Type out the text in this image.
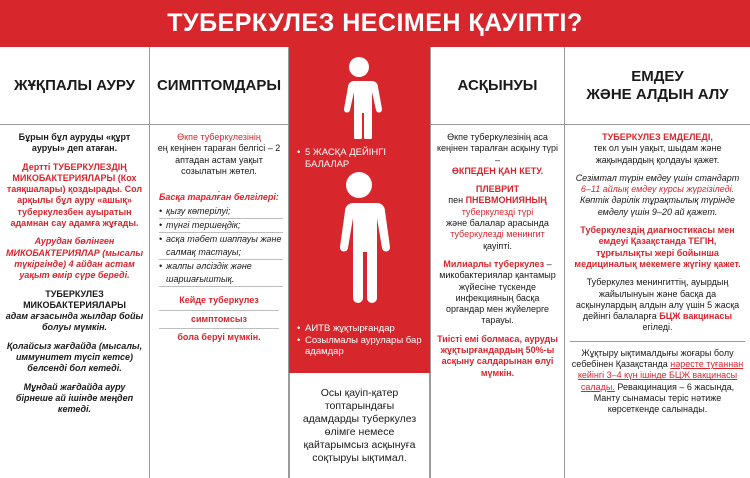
ТУБЕРКУЛЕЗ НЕСІМЕН ҚАУІПТІ?
ЖҰҚПАЛЫ АУРУ
Бұрын бұл ауруды «құрт ауруы» деп атаған.
Дертті ТУБЕРКУЛЕЗДІҢ МИКОБАКТЕРИЯЛАРЫ (Кох таяқшалары) қоздырады. Сол арқылы бұл ауру «ашық» туберкулезбен ауыратын адамнан сау адамға жұғады.
Аурудан бөлінген МИКОБАКТЕРИЯЛАР (мысалы түкіргінде) 4 айдан астам уақыт өмір сүре береді.
ТУБЕРКУЛЕЗ МИКОБАКТЕРИЯЛАРЫ
адам ағзасында жылдар бойы болуы мүмкін.
Қолайсыз жағдайда (мысалы, иммунитет түсіп кетсе) белсенді бол кетеді.
Мұндай жағдайда ауру бірнеше ай ішінде меңдеп кетеді.
СИМПТОМДАРЫ
Өкпе туберкулезінің
ең кеңінен тараған белгісі – 2 аптадан астам уақыт созылатын жөтел.
.
Басқа таралған белгілері:
• қызу көтерілуі;
• түнгі тершеңдік;
• асқа тәбет шаппауы және салмақ тастауы;
• жалпы әлсіздік және шаршағыштық.
Кейде туберкулез
симптомсыз
бола беруі мүмкін.
• 5 ЖАСҚА ДЕЙІНГІ БАЛАЛАР
• АИТВ жұқтырғандар
• Созылмалы aурулары бар адамдар
Осы қауіп-қатер топтарындағы адамдарды туберкулез өлімге немесе қайтарымсыз асқынуға соқтыруы ықтимал.
АСҚЫНУЫ
Өкпе туберкулезінің аса кеңінен таралған асқыну түрі –
ӨКПЕДЕН ҚАН КЕТУ.
ПЛЕВРИТ
пен ПНЕВМОНИЯНЫҢ
туберкулезді түрі
және балалар арасында
туберкулезді менингит
қауіпті.
Милиарлы туберкулез – микобактериялар қантамыр жүйесіне түскенде инфекцияның басқа органдар мен жүйелерге тарауы.
Тиісті емі болмаса, ауруды жұқтырғандардың 50%-ы асқыну салдарынан өлуі мүмкін.
ЕМДЕУ
ЖӘНЕ АЛДЫН АЛУ
ТУБЕРКУЛЕЗ ЕМДЕЛЕДІ,
тек ол уын уақыт, шыдам және жақындардың қолдауы қажет.
Сезімтал түрін емдеу үшін стандарт
6–11 айлық емдеу курсы жүргізіледі.
Көптік дәрілік тұрақтылық түрінде емделу үшін 9–20 ай қажет.
Туберкулездің диагностикасы мен емдеуі Қазақстанда ТЕГІН, тұрғылықты жері бойынша медициналық мекемеге жүгіну қажет.
Туберкулез менингиттің, ауырдың жайылынуын және басқа да асқынулардың алдын алу үшін 5 жасқа дейінгі балаларға БЦЖ вакцинасы егіледі.
Жұқтыру ықтималдығы жоғары болу себебінен Қазақстанда нәресте туғаннан кейінгі 3–4 күн ішінде БЦЖ вакцинасы салады. Ревакцинация – 6 жасында, Манту сынамасы теріс нәтиже көрсеткенде салынады.
